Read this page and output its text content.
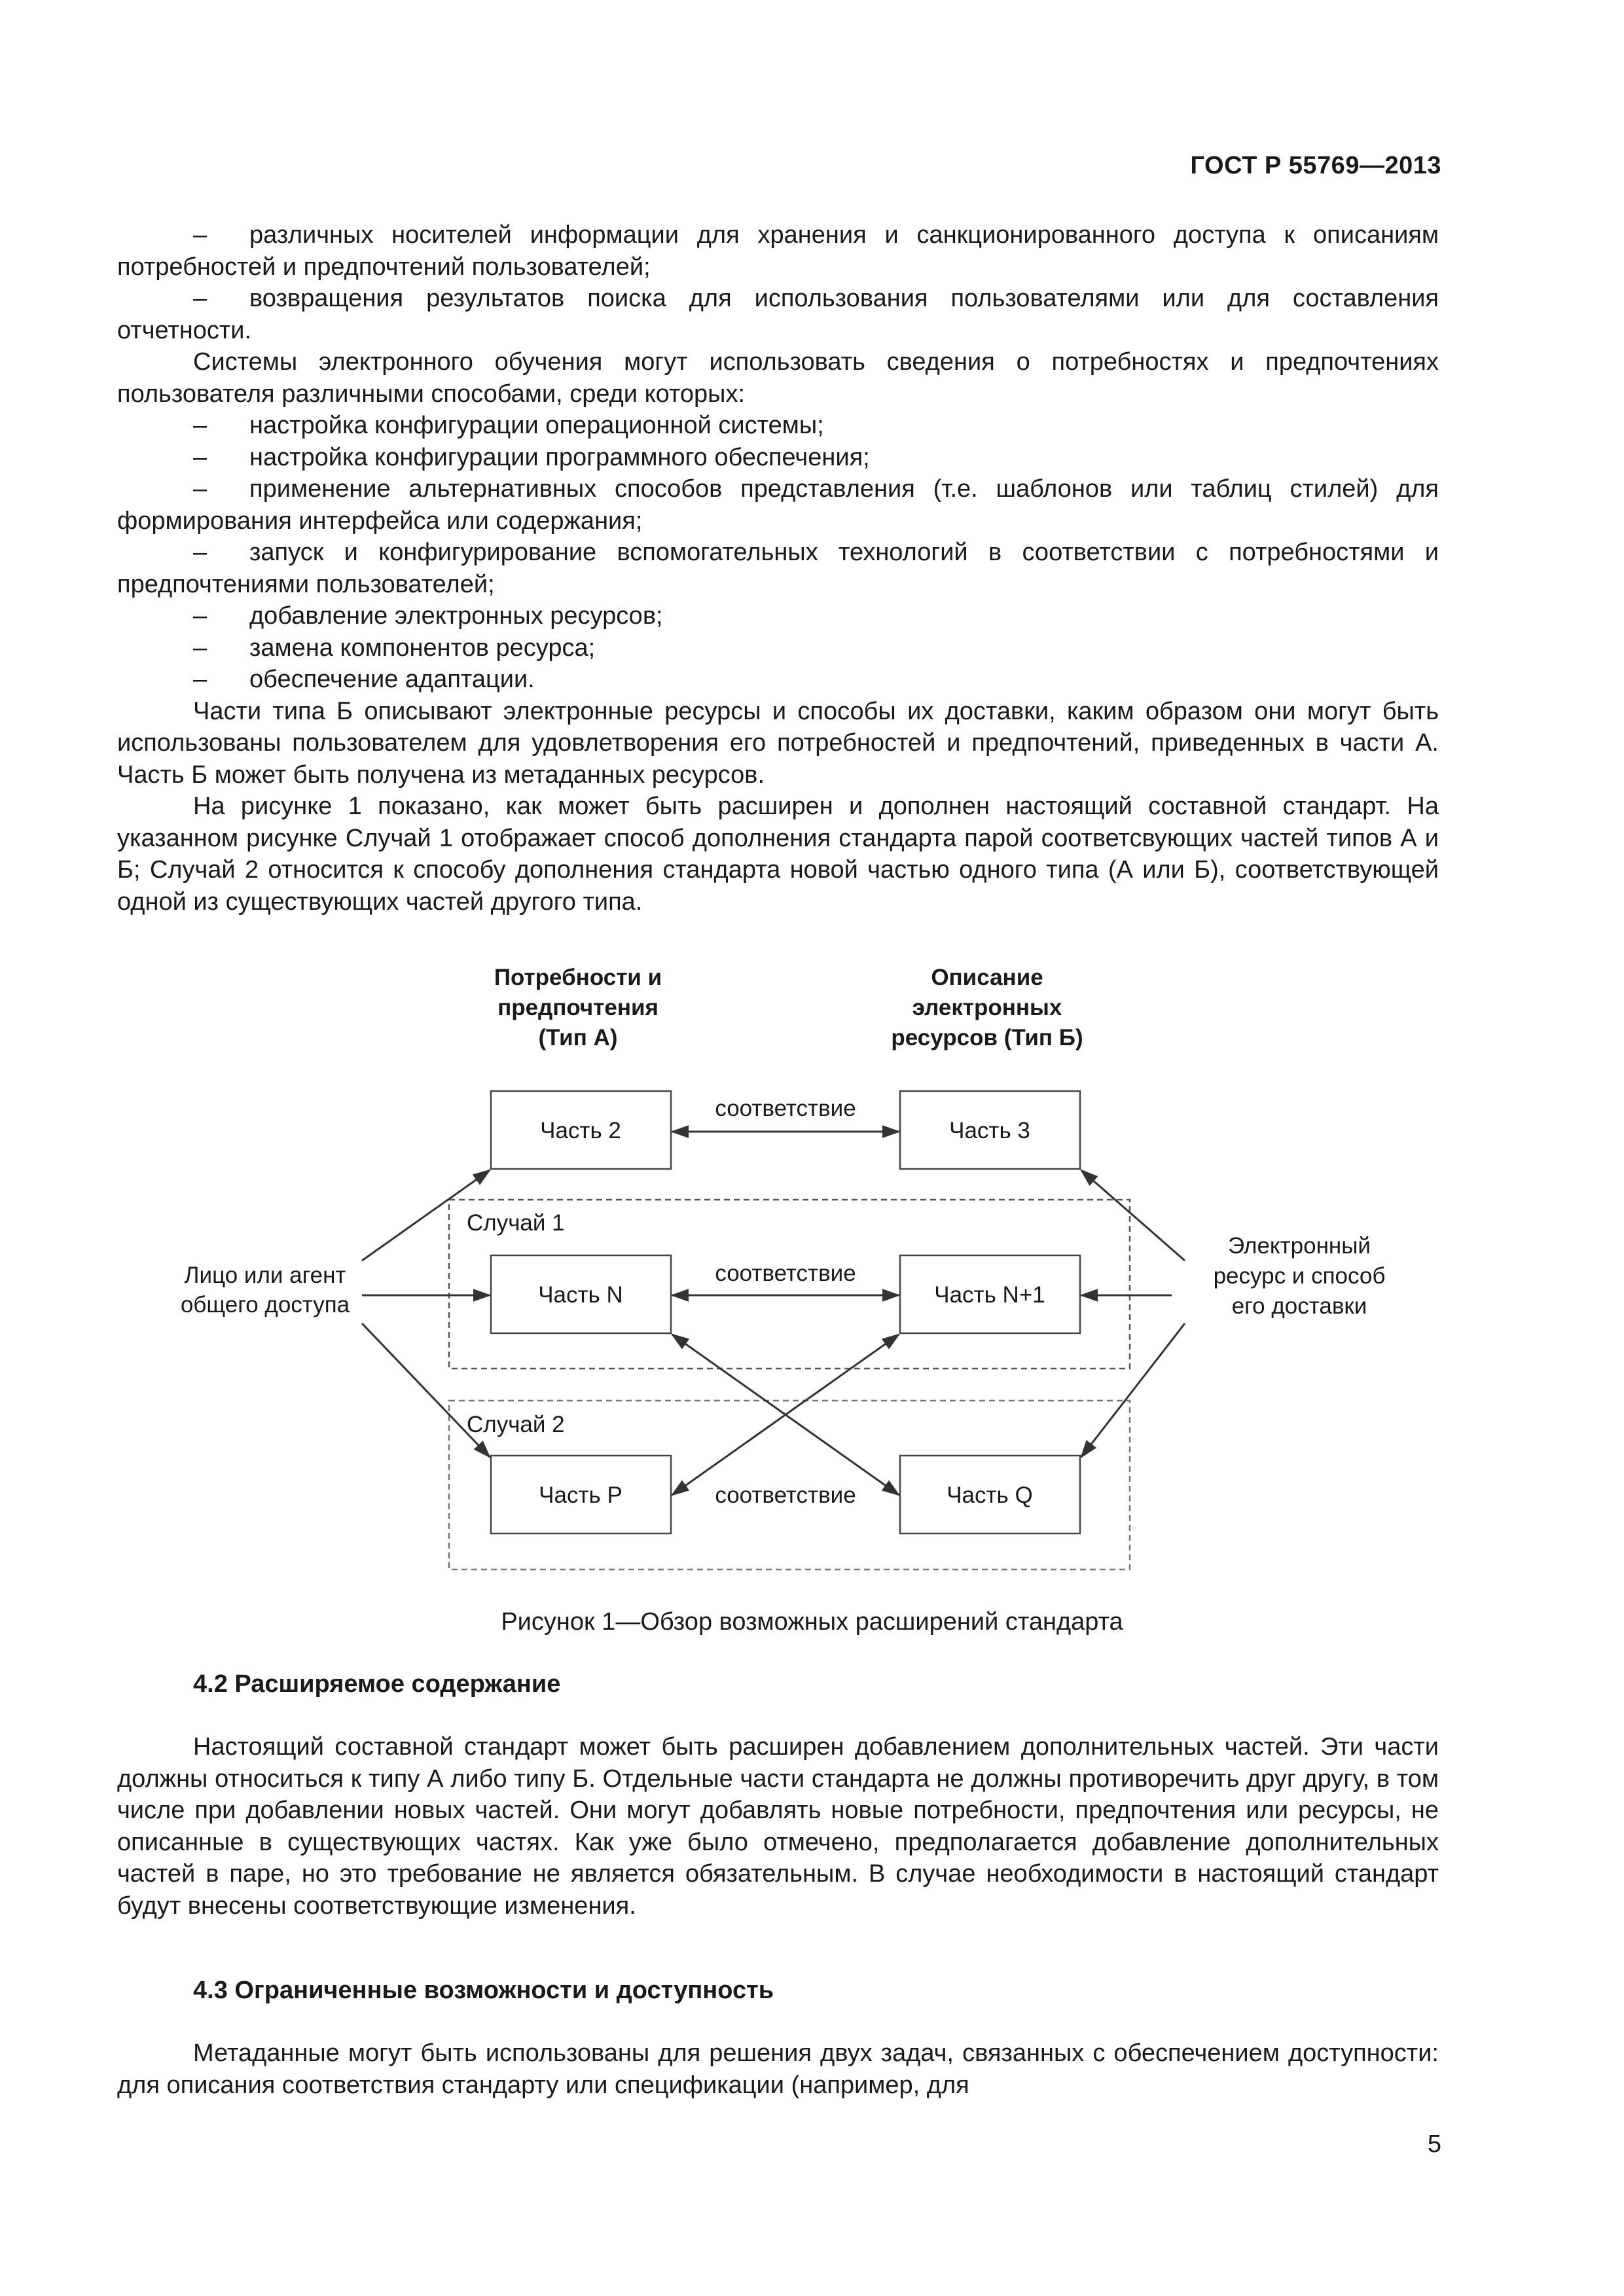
ГОСТ Р 55769—2013

– различных носителей информации для хранения и санкционированного доступа к описаниям потребностей и предпочтений пользователей;

– возвращения результатов поиска для использования пользователями или для составления отчетности.

Системы электронного обучения могут использовать сведения о потребностях и предпочтениях пользователя различными способами, среди которых:

– настройка конфигурации операционной системы;

– настройка конфигурации программного обеспечения;

– применение альтернативных способов представления (т.е. шаблонов или таблиц стилей) для формирования интерфейса или содержания;

– запуск и конфигурирование вспомогательных технологий в соответствии с потребностями и предпочтениями пользователей;

– добавление электронных ресурсов;

– замена компонентов ресурса;

– обеспечение адаптации.

Части типа Б описывают электронные ресурсы и способы их доставки, каким образом они могут быть использованы пользователем для удовлетворения его потребностей и предпочтений, приведенных в части А. Часть Б может быть получена из метаданных ресурсов.

На рисунке 1 показано, как может быть расширен и дополнен настоящий составной стандарт. На указанном рисунке Случай 1 отображает способ дополнения стандарта парой соответсвующих частей типов А и Б; Случай 2 относится к способу дополнения стандарта новой частью одного типа (А или Б), соответствующей одной из существующих частей другого типа.

Потребности и
предпочтения
(Тип А)
Описание
электронных
ресурсов (Тип Б)
Случай 1
Случай 2
Часть 2	Часть 3
Часть N	Часть N+1
Часть P	Часть Q
соответствие
соответствие
соответствие
Лицо или агент
общего доступа
Электронный
ресурс и способ
его доставки
Рисунок 1—Обзор возможных расширений стандарта
4.2 Расширяемое содержание

Настоящий составной стандарт может быть расширен добавлением дополнительных частей. Эти части должны относиться к типу А либо типу Б. Отдельные части стандарта не должны противоречить друг другу, в том числе при добавлении новых частей. Они могут добавлять новые потребности, предпочтения или ресурсы, не описанные в существующих частях. Как уже было отмечено, предполагается добавление дополнительных частей в паре, но это требование не является обязательным. В случае необходимости в настоящий стандарт будут внесены соответствующие изменения.

4.3 Ограниченные возможности и доступность

Метаданные могут быть использованы для решения двух задач, связанных с обеспечением доступности: для описания соответствия стандарту или спецификации (например, для

5
